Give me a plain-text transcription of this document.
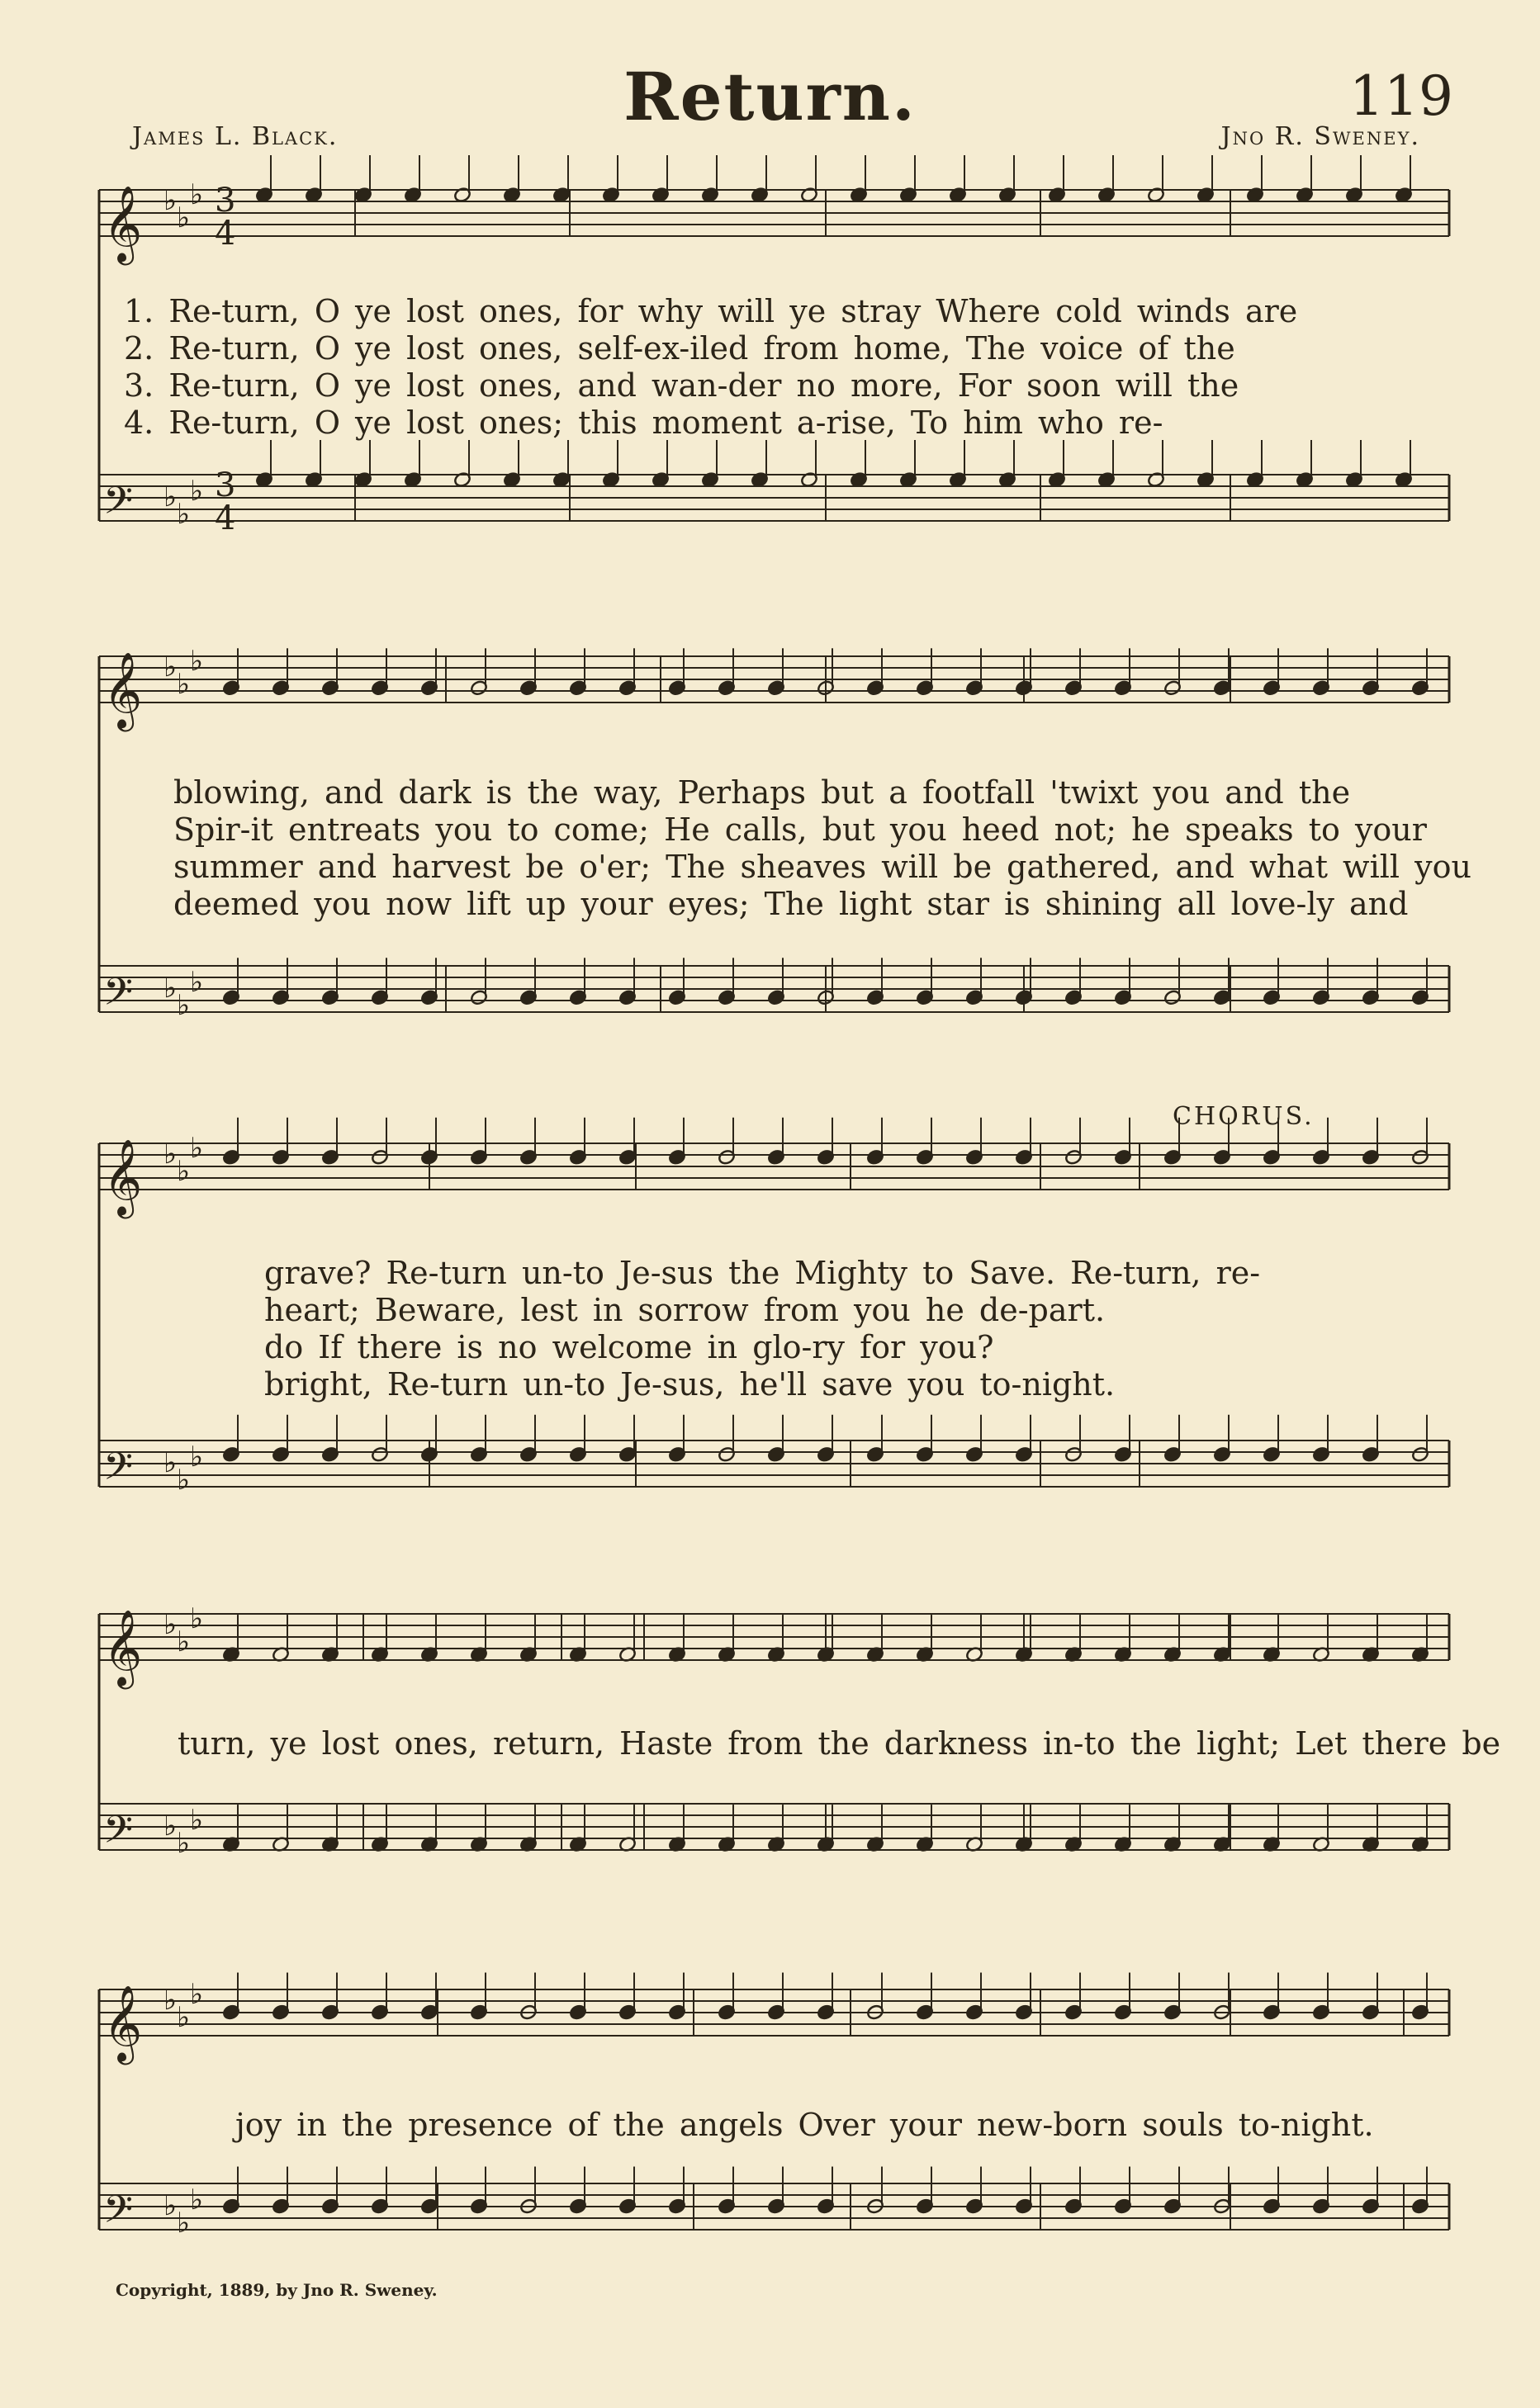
Return.	119
James L. Black.	Jno R. Sweney.
𝄞 ♭
♭
♭ 3
4
𝄢 ♭
♭
♭ 3
4
𝄞 ♭
♭
♭
𝄢 ♭
♭
♭
𝄞 ♭
♭
♭
𝄢 ♭
♭
♭
𝄞 ♭
♭
♭
𝄢 ♭
♭
♭
𝄞 ♭
♭
♭
𝄢 ♭
♭
♭
1. Re-turn, O ye lost ones, for why will ye stray Where cold winds are
2. Re-turn, O ye lost ones, self-ex-iled from home, The voice of the
3. Re-turn, O ye lost ones, and wan-der no more, For soon will the
4. Re-turn, O ye lost ones; this moment a-rise, To him who re-
blowing, and dark is the way, Perhaps but a footfall 'twixt you and the
Spir-it entreats you to come; He calls, but you heed not; he speaks to your
summer and harvest be o'er; The sheaves will be gathered, and what will you
deemed you now lift up your eyes; The light star is shining all love-ly and
CHORUS.
grave? Re-turn un-to Je-sus the Mighty to Save. Re-turn, re-
heart; Beware, lest in sorrow from you he de-part.
do If there is no welcome in glo-ry for you?
bright, Re-turn un-to Je-sus, he'll save you to-night.
turn, ye lost ones, return, Haste from the darkness in-to the light; Let there be
joy in the presence of the angels Over your new-born souls to-night.
Copyright, 1889, by Jno R. Sweney.
